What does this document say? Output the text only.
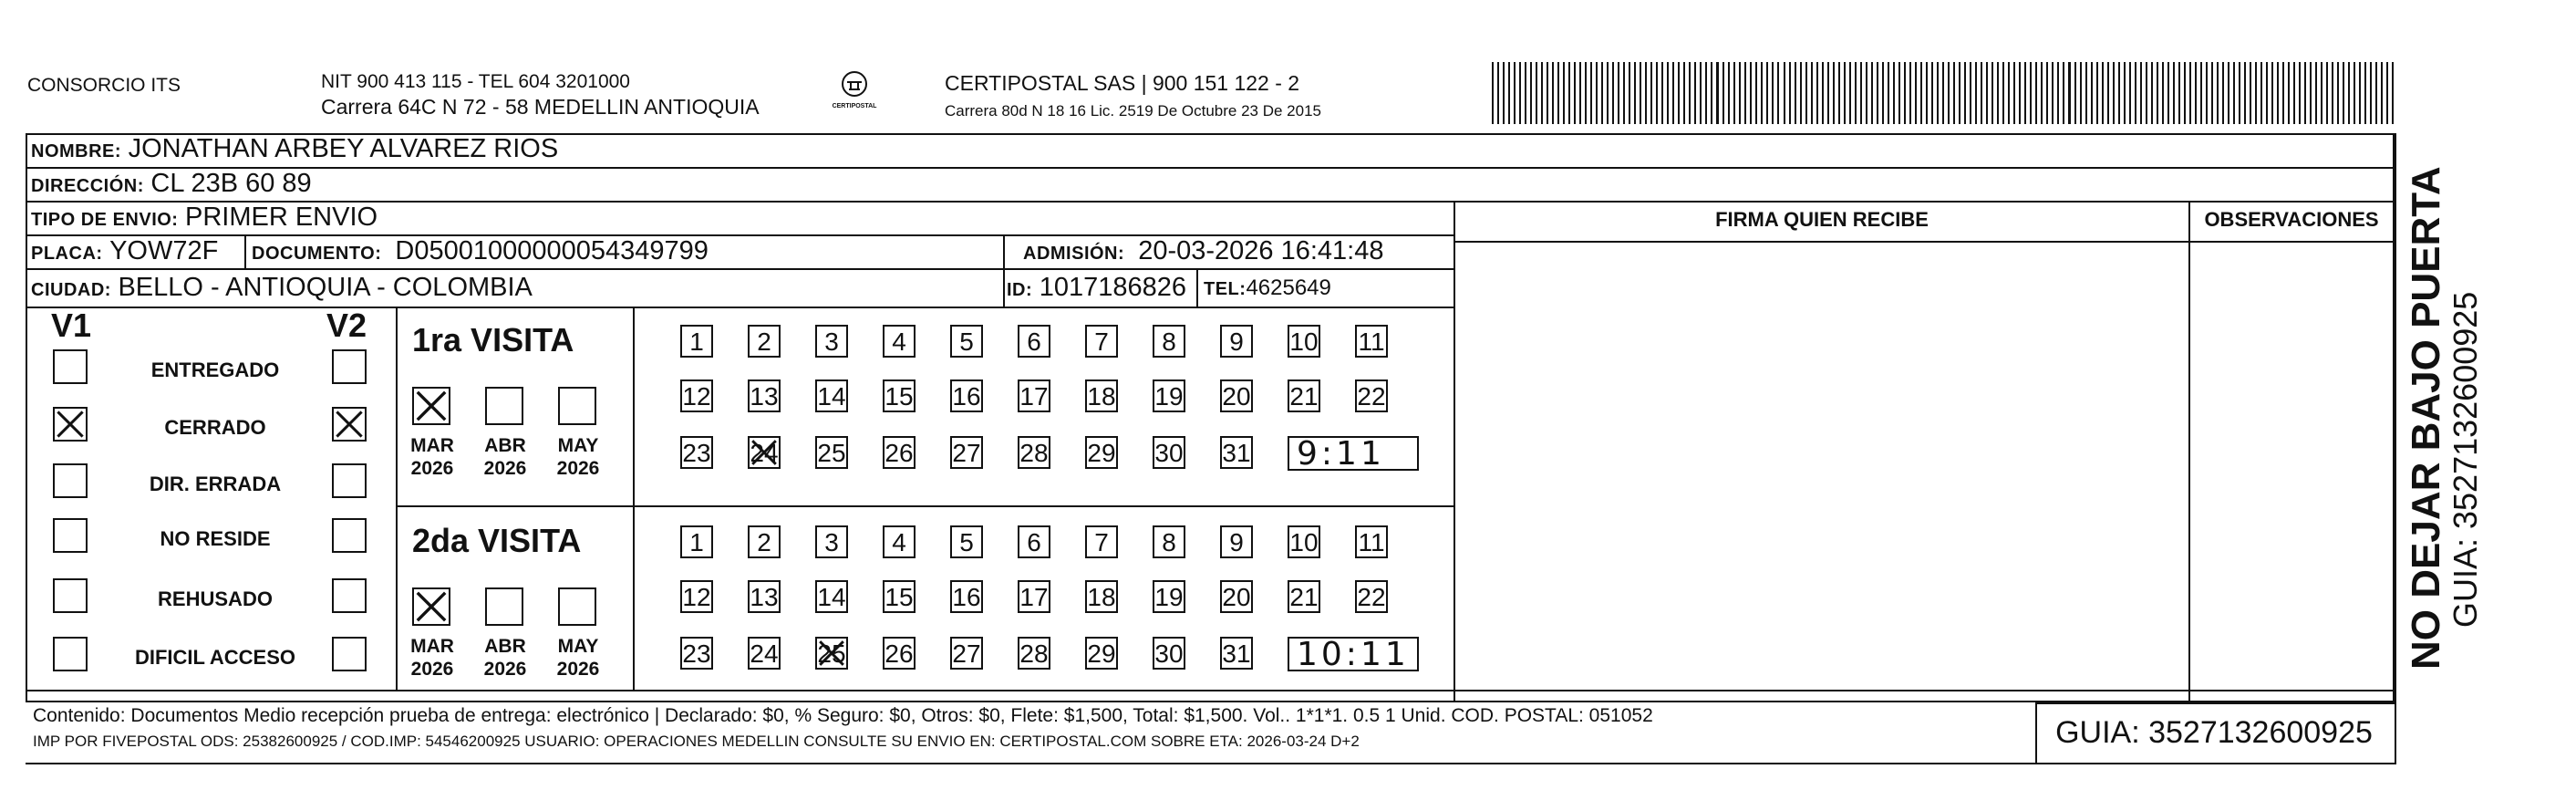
CONSORCIO ITS	NIT 900 413 115 - TEL 604 3201000
Carrera 64C N 72 - 58 MEDELLIN ANTIOQUIA	CERTIPOSTAL
CERTIPOSTAL SAS | 900 151 122 - 2
Carrera 80d N 18 16 Lic. 2519 De Octubre 23 De 2015
NOMBRE: JONATHAN ARBEY ALVAREZ RIOS
DIRECCIÓN: CL 23B 60 89
TIPO DE ENVIO: PRIMER ENVIO	FIRMA QUIEN RECIBE	OBSERVACIONES
PLACA: YOW72F DOCUMENTO: D05001000000054349799	ADMISIÓN: 20-03-2026 16:41:48
CIUDAD: BELLO - ANTIOQUIA - COLOMBIA	ID: 1017186826 TEL:4625649
V1	V2
ENTREGADO
CERRADO
DIR. ERRADA
NO RESIDE
REHUSADO
DIFICIL ACCESO
1ra VISITA
MAR
2026
ABR
2026
MAY
2026
1	2	3	4	5	6	7	8	9	10 11
12 13 14 15 16 17 18 19 20 21 22
23 24 25 26 27 28 29 30 31 9:11
2da VISITA
MAR
2026
ABR
2026
MAY
2026
1	2	3	4	5	6	7	8	9	10 11
12 13 14 15 16 17 18 19 20 21 22
23 24 25 26 27 28 29 30 31 10:11
Contenido: Documentos Medio recepción prueba de entrega: electrónico | Declarado: $0, % Seguro: $0, Otros: $0, Flete: $1,500, Total: $1,500. Vol.. 1*1*1. 0.5 1 Unid. COD. POSTAL: 051052
IMP POR FIVEPOSTAL ODS: 25382600925 / COD.IMP: 54546200925 USUARIO: OPERACIONES MEDELLIN CONSULTE SU ENVIO EN: CERTIPOSTAL.COM SOBRE ETA: 2026-03-24 D+2	GUIA: 3527132600925
NO DEJAR BAJO PUERTA
GUIA: 3527132600925
